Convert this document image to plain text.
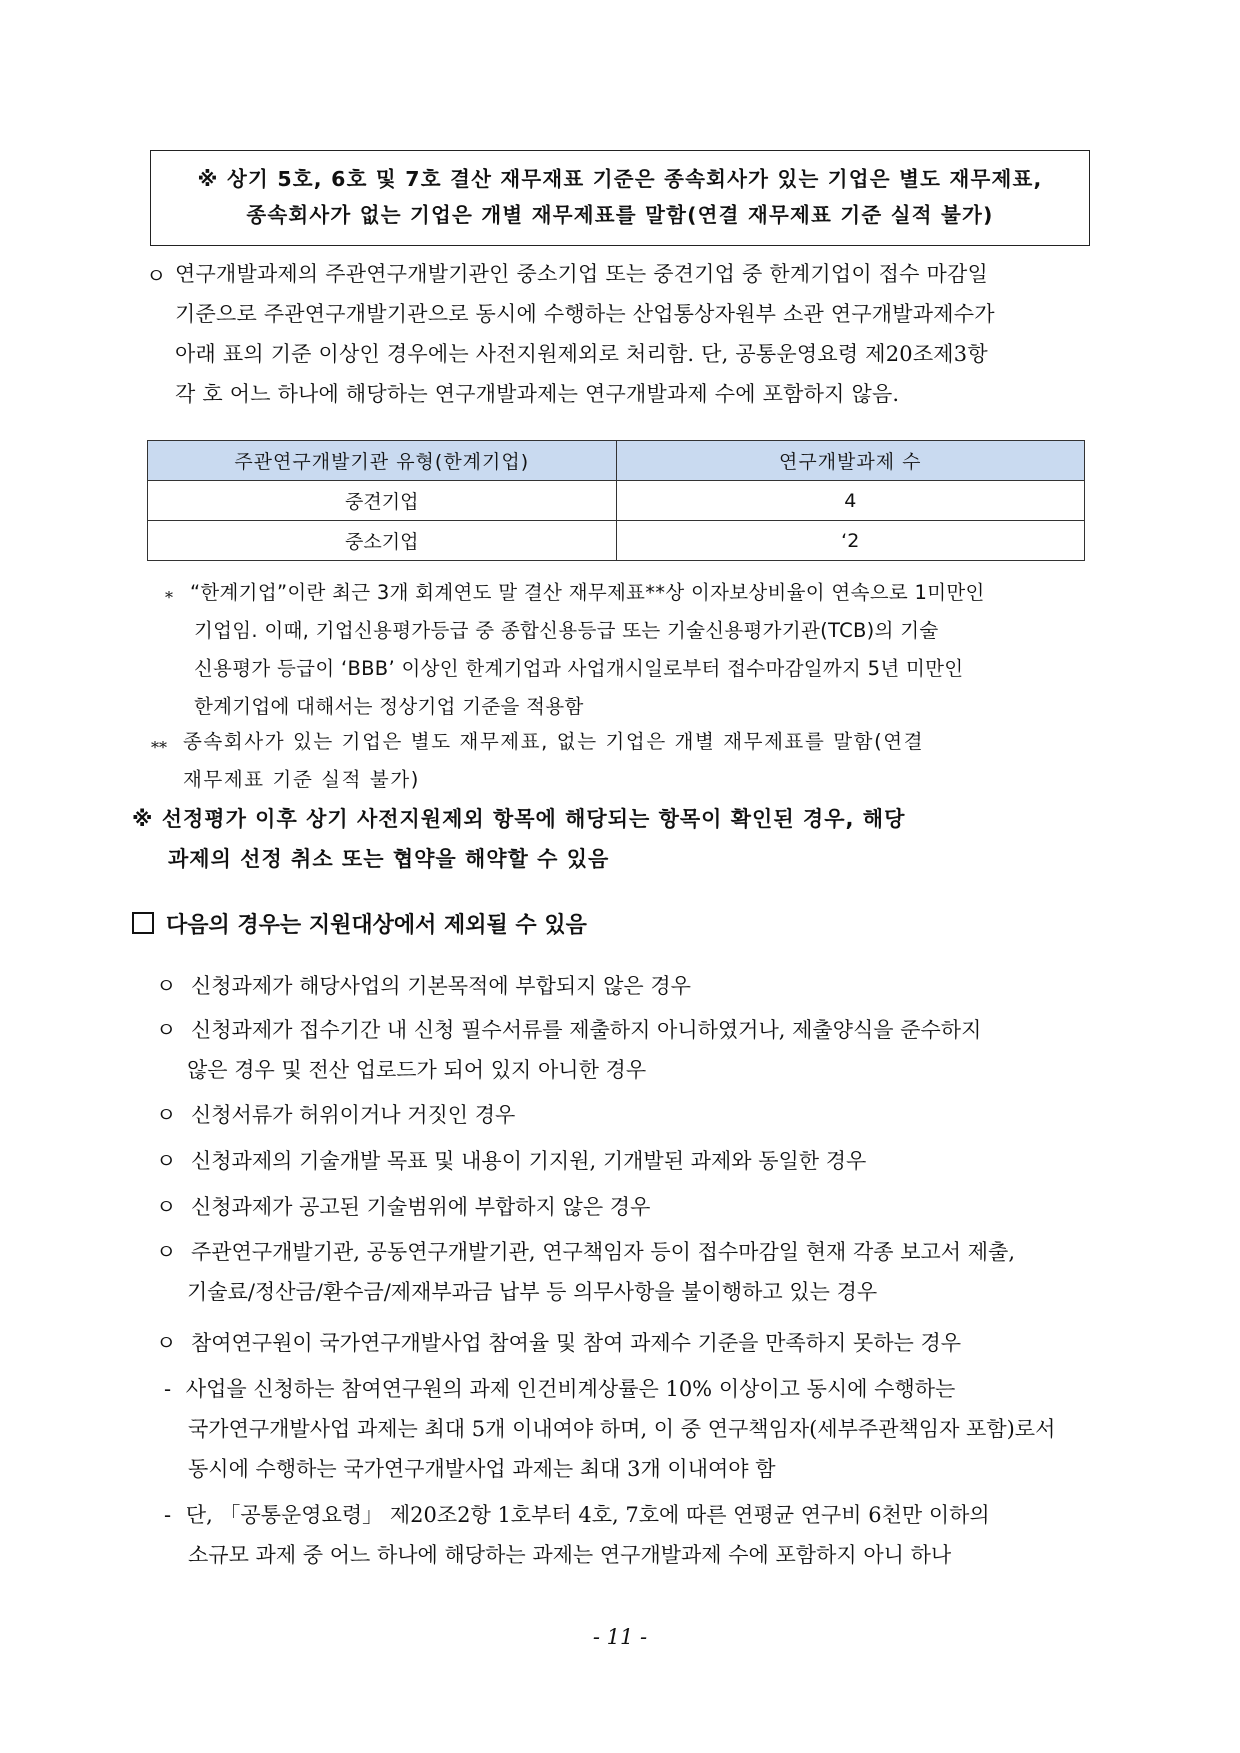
※ 상기 5호, 6호 및 7호 결산 재무재표 기준은 종속회사가 있는 기업은 별도 재무제표,
종속회사가 없는 기업은 개별 재무제표를 말함(연결 재무제표 기준 실적 불가)
ㅇ 연구개발과제의 주관연구개발기관인 중소기업 또는 중견기업 중 한계기업이 접수 마감일
기준으로 주관연구개발기관으로 동시에 수행하는 산업통상자원부 소관 연구개발과제수가
아래 표의 기준 이상인 경우에는 사전지원제외로 처리함. 단, 공통운영요령 제20조제3항
각 호 어느 하나에 해당하는 연구개발과제는 연구개발과제 수에 포함하지 않음.
주관연구개발기관 유형(한계기업)	연구개발과제 수
중견기업	4
중소기업	‘2
* “한계기업”이란 최근 3개 회계연도 말 결산 재무제표**상 이자보상비율이 연속으로 1미만인
기업임. 이때, 기업신용평가등급 중 종합신용등급 또는 기술신용평가기관(TCB)의 기술
신용평가 등급이 ‘BBB’ 이상인 한계기업과 사업개시일로부터 접수마감일까지 5년 미만인
한계기업에 대해서는 정상기업 기준을 적용함
** 종속회사가 있는 기업은 별도 재무제표, 없는 기업은 개별 재무제표를 말함(연결
재무제표 기준 실적 불가)
※ 선정평가 이후 상기 사전지원제외 항목에 해당되는 항목이 확인된 경우, 해당
과제의 선정 취소 또는 협약을 해약할 수 있음
다음의 경우는 지원대상에서 제외될 수 있음
ㅇ 신청과제가 해당사업의 기본목적에 부합되지 않은 경우
ㅇ 신청과제가 접수기간 내 신청 필수서류를 제출하지 아니하였거나, 제출양식을 준수하지
않은 경우 및 전산 업로드가 되어 있지 아니한 경우
ㅇ 신청서류가 허위이거나 거짓인 경우
ㅇ 신청과제의 기술개발 목표 및 내용이 기지원, 기개발된 과제와 동일한 경우
ㅇ 신청과제가 공고된 기술범위에 부합하지 않은 경우
ㅇ 주관연구개발기관, 공동연구개발기관, 연구책임자 등이 접수마감일 현재 각종 보고서 제출,
기술료/정산금/환수금/제재부과금 납부 등 의무사항을 불이행하고 있는 경우
ㅇ 참여연구원이 국가연구개발사업 참여율 및 참여 과제수 기준을 만족하지 못하는 경우
- 사업을 신청하는 참여연구원의 과제 인건비계상률은 10% 이상이고 동시에 수행하는
국가연구개발사업 과제는 최대 5개 이내여야 하며, 이 중 연구책임자(세부주관책임자 포함)로서
동시에 수행하는 국가연구개발사업 과제는 최대 3개 이내여야 함
- 단, 「공통운영요령」 제20조2항 1호부터 4호, 7호에 따른 연평균 연구비 6천만 이하의
소규모 과제 중 어느 하나에 해당하는 과제는 연구개발과제 수에 포함하지 아니 하나
- 11 -
